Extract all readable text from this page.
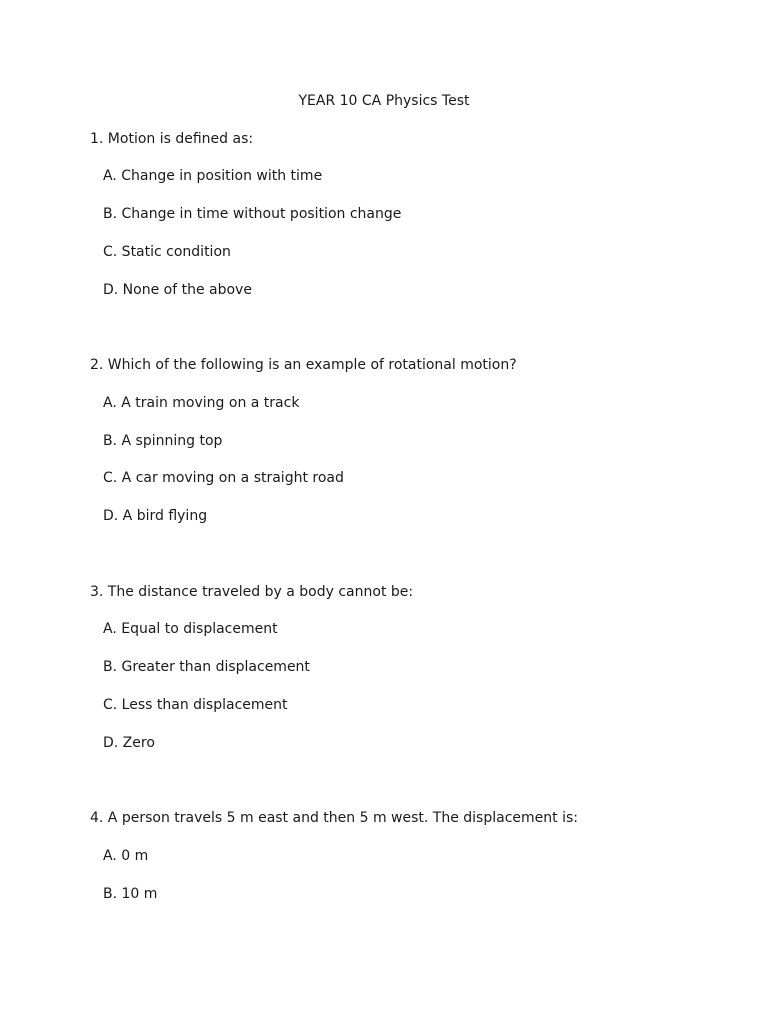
YEAR 10 CA Physics Test
1. Motion is defined as:
A. Change in position with time
B. Change in time without position change
C. Static condition
D. None of the above
2. Which of the following is an example of rotational motion?
A. A train moving on a track
B. A spinning top
C. A car moving on a straight road
D. A bird flying
3. The distance traveled by a body cannot be:
A. Equal to displacement
B. Greater than displacement
C. Less than displacement
D. Zero
4. A person travels 5 m east and then 5 m west. The displacement is:
A. 0 m
B. 10 m
